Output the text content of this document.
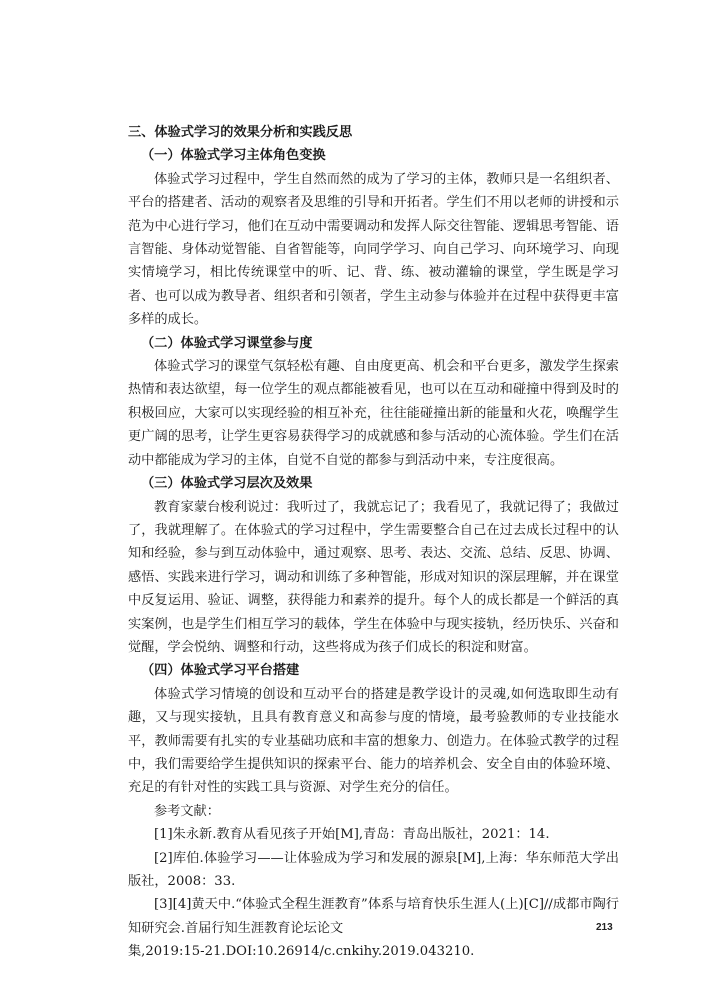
三、体验式学习的效果分析和实践反思

（一）体验式学习主体角色变换

体验式学习过程中，学生自然而然的成为了学习的主体，教师只是一名组织者、平台的搭建者、活动的观察者及思维的引导和开拓者。学生们不用以老师的讲授和示范为中心进行学习，他们在互动中需要调动和发挥人际交往智能、逻辑思考智能、语言智能、身体动觉智能、自省智能等，向同学学习、向自己学习、向环境学习、向现实情境学习，相比传统课堂中的听、记、背、练、被动灌输的课堂，学生既是学习者、也可以成为教导者、组织者和引领者，学生主动参与体验并在过程中获得更丰富多样的成长。

（二）体验式学习课堂参与度

体验式学习的课堂气氛轻松有趣、自由度更高、机会和平台更多，激发学生探索热情和表达欲望，每一位学生的观点都能被看见，也可以在互动和碰撞中得到及时的积极回应，大家可以实现经验的相互补充，往往能碰撞出新的能量和火花，唤醒学生更广阔的思考，让学生更容易获得学习的成就感和参与活动的心流体验。学生们在活动中都能成为学习的主体，自觉不自觉的都参与到活动中来，专注度很高。

（三）体验式学习层次及效果

教育家蒙台梭利说过：我听过了，我就忘记了；我看见了，我就记得了；我做过了，我就理解了。在体验式的学习过程中，学生需要整合自己在过去成长过程中的认知和经验，参与到互动体验中，通过观察、思考、表达、交流、总结、反思、协调、感悟、实践来进行学习，调动和训练了多种智能，形成对知识的深层理解，并在课堂中反复运用、验证、调整，获得能力和素养的提升。每个人的成长都是一个鲜活的真实案例，也是学生们相互学习的载体，学生在体验中与现实接轨，经历快乐、兴奋和觉醒，学会悦纳、调整和行动，这些将成为孩子们成长的积淀和财富。

（四）体验式学习平台搭建

体验式学习情境的创设和互动平台的搭建是教学设计的灵魂,如何选取即生动有趣，又与现实接轨，且具有教育意义和高参与度的情境，最考验教师的专业技能水平，教师需要有扎实的专业基础功底和丰富的想象力、创造力。在体验式教学的过程中，我们需要给学生提供知识的探索平台、能力的培养机会、安全自由的体验环境、充足的有针对性的实践工具与资源、对学生充分的信任。

参考文献：

[1]朱永新.教育从看见孩子开始[M],青岛：青岛出版社，2021：14.

[2]库伯.体验学习——让体验成为学习和发展的源泉[M],上海：华东师范大学出版社，2008：33.

[3][4]黄天中.“体验式全程生涯教育”体系与培育快乐生涯人(上)[C]//成都市陶行知研究会.首届行知生涯教育论坛论文

集,2019:15-21.DOI:10.26914/c.cnkihy.2019.043210.

213
